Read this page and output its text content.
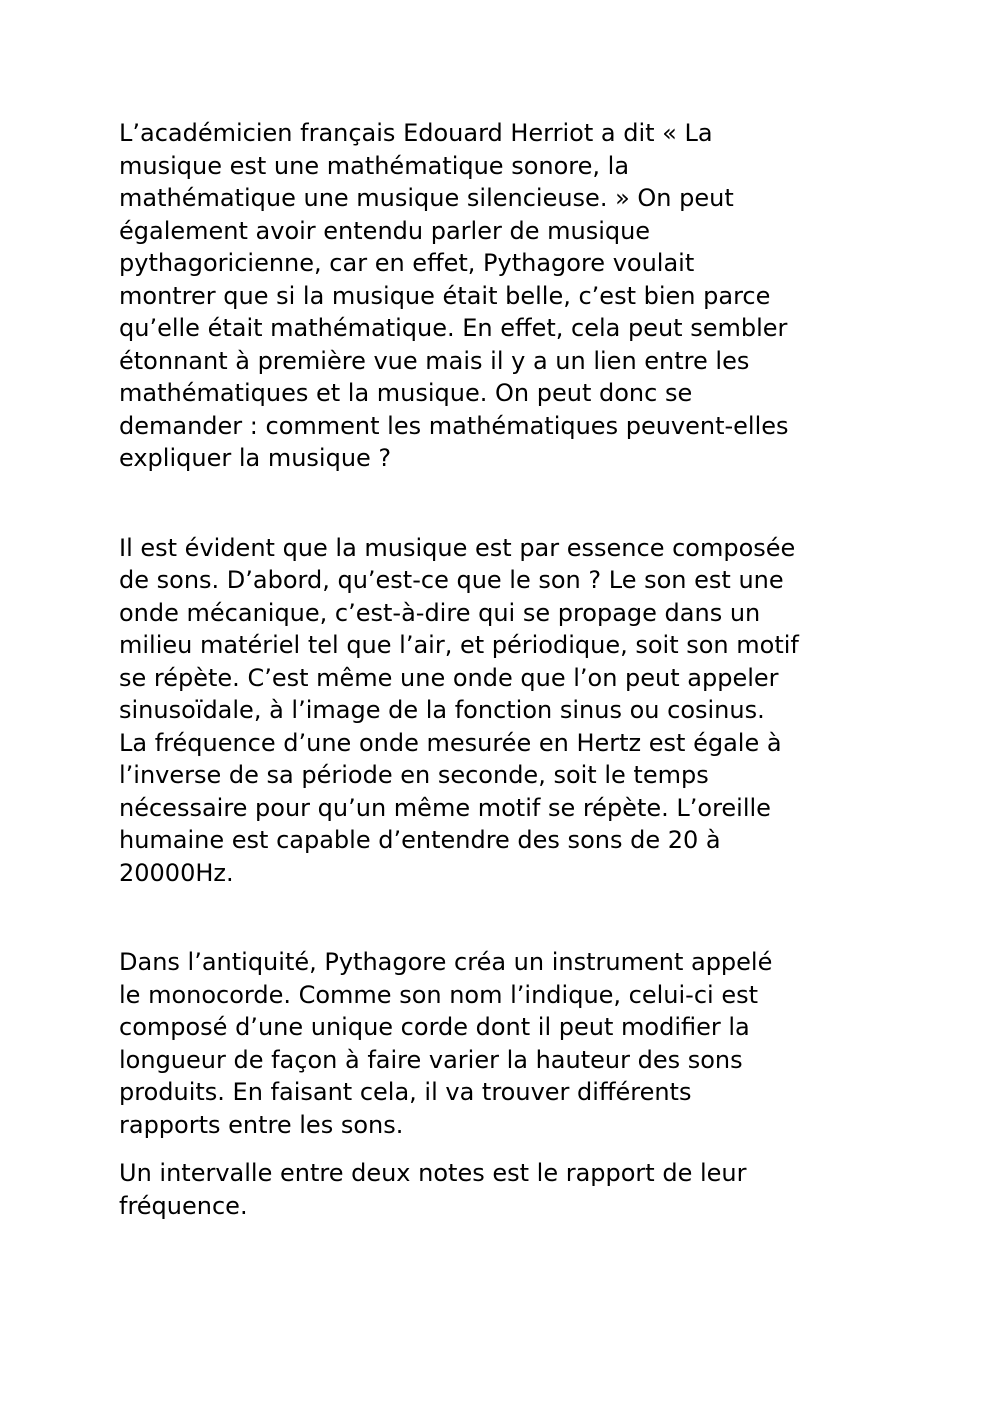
L’académicien français Edouard Herriot a dit « La
musique est une mathématique sonore, la
mathématique une musique silencieuse. » On peut
également avoir entendu parler de musique
pythagoricienne, car en effet, Pythagore voulait
montrer que si la musique était belle, c’est bien parce
qu’elle était mathématique. En effet, cela peut sembler
étonnant à première vue mais il y a un lien entre les
mathématiques et la musique. On peut donc se
demander : comment les mathématiques peuvent-elles
expliquer la musique ?

Il est évident que la musique est par essence composée
de sons. D’abord, qu’est-ce que le son ? Le son est une
onde mécanique, c’est-à-dire qui se propage dans un
milieu matériel tel que l’air, et périodique, soit son motif
se répète. C’est même une onde que l’on peut appeler
sinusoïdale, à l’image de la fonction sinus ou cosinus.
La fréquence d’une onde mesurée en Hertz est égale à
l’inverse de sa période en seconde, soit le temps
nécessaire pour qu’un même motif se répète. L’oreille
humaine est capable d’entendre des sons de 20 à
20000Hz.

Dans l’antiquité, Pythagore créa un instrument appelé
le monocorde. Comme son nom l’indique, celui-ci est
composé d’une unique corde dont il peut modifier la
longueur de façon à faire varier la hauteur des sons
produits. En faisant cela, il va trouver différents
rapports entre les sons.

Un intervalle entre deux notes est le rapport de leur
fréquence.
